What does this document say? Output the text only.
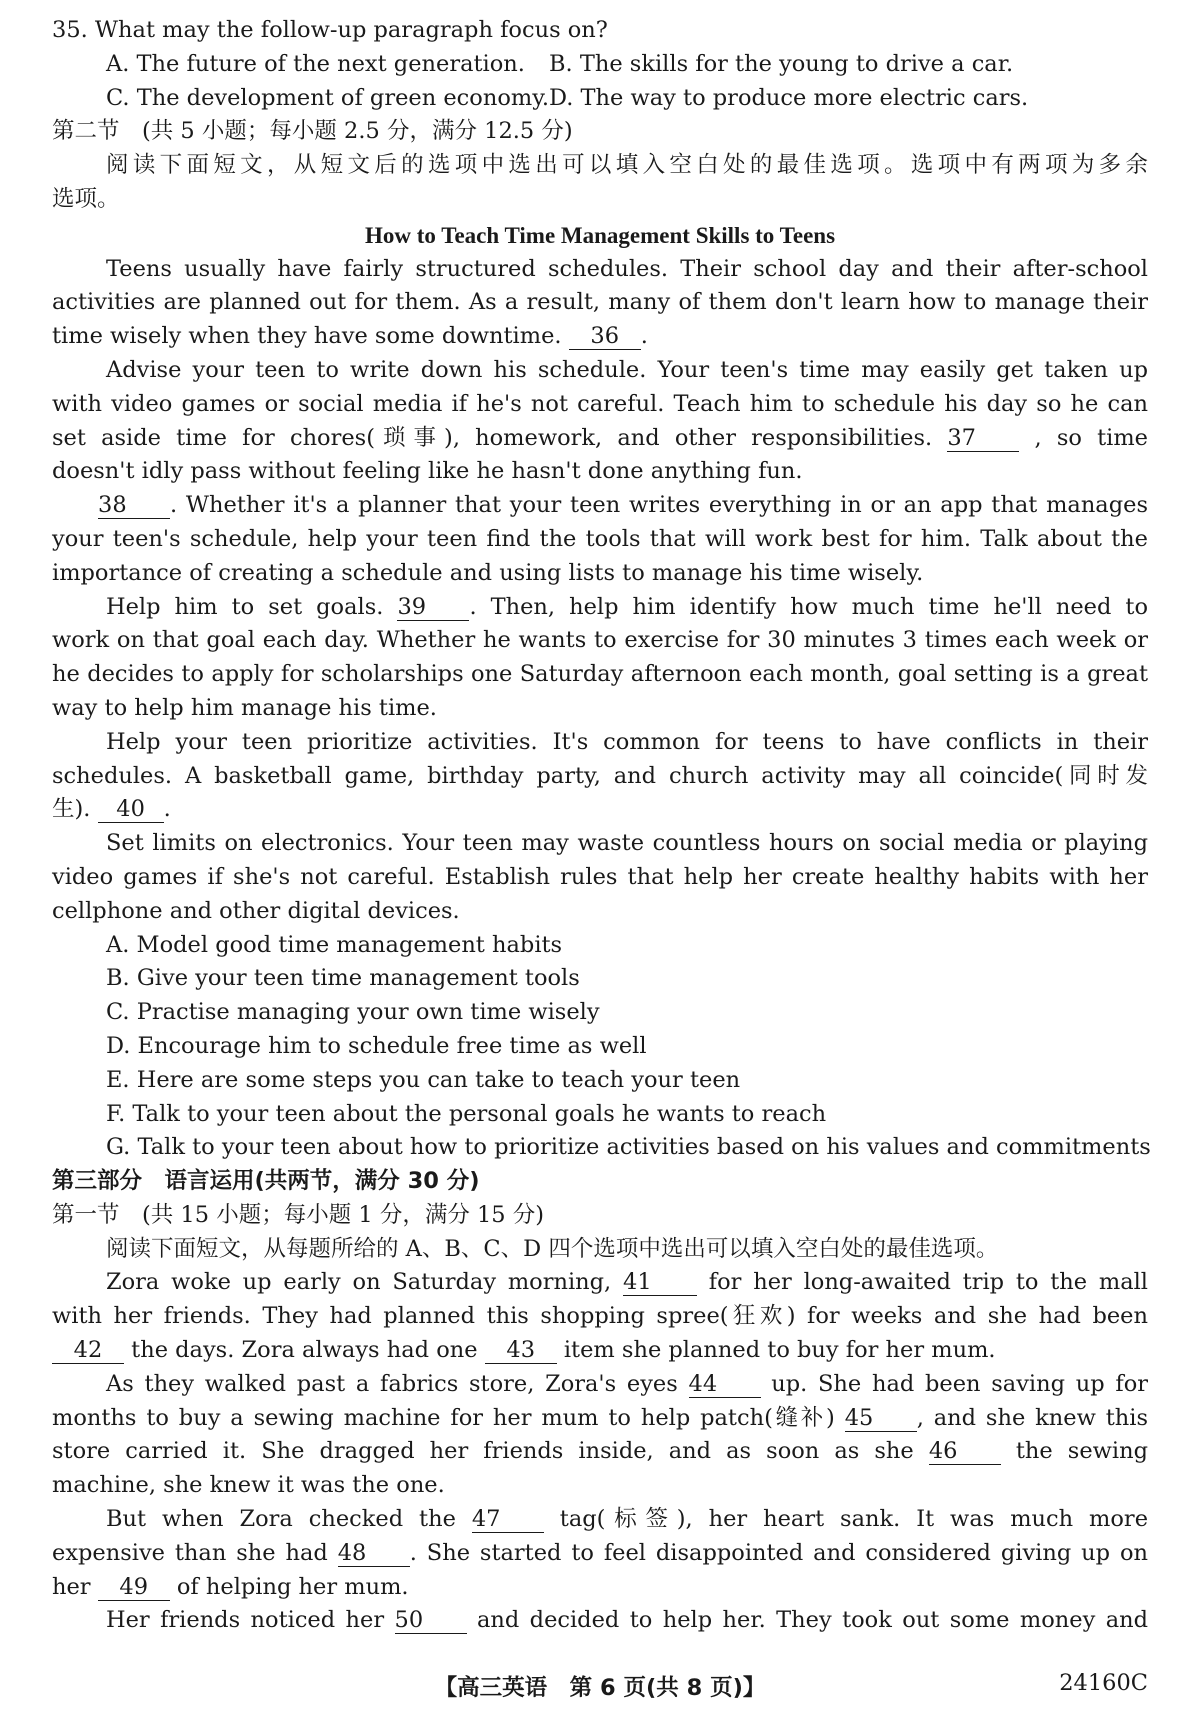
35. What may the follow-up paragraph focus on?
A. The future of the next generation.	B. The skills for the young to drive a car.
C. The development of green economy. D. The way to produce more electric cars.
第二节　(共 5 小题；每小题 2.5 分，满分 12.5 分)
阅读下面短文，从短文后的选项中选出可以填入空白处的最佳选项。选项中有两项为多余
选项。
How to Teach Time Management Skills to Teens
Teens usually have fairly structured schedules. Their school day and their after-school
activities are planned out for them. As a result, many of them don't learn how to manage their
time wisely when they have some downtime. 36 .
Advise your teen to write down his schedule. Your teen's time may easily get taken up
with video games or social media if he's not careful. Teach him to schedule his day so he can
set aside time for chores(琐事), homework, and other responsibilities. 37	, so time
doesn't idly pass without feeling like he hasn't done anything fun.
38 . Whether it's a planner that your teen writes everything in or an app that manages
your teen's schedule, help your teen find the tools that will work best for him. Talk about the
importance of creating a schedule and using lists to manage his time wisely.
Help him to set goals. 39 . Then, help him identify how much time he'll need to
work on that goal each day. Whether he wants to exercise for 30 minutes 3 times each week or
he decides to apply for scholarships one Saturday afternoon each month, goal setting is a great
way to help him manage his time.
Help your teen prioritize activities. It's common for teens to have conflicts in their
schedules. A basketball game, birthday party, and church activity may all coincide(同时发
生). 40 .
Set limits on electronics. Your teen may waste countless hours on social media or playing
video games if she's not careful. Establish rules that help her create healthy habits with her
cellphone and other digital devices.
A. Model good time management habits
B. Give your teen time management tools
C. Practise managing your own time wisely
D. Encourage him to schedule free time as well
E. Here are some steps you can take to teach your teen
F. Talk to your teen about the personal goals he wants to reach
G. Talk to your teen about how to prioritize activities based on his values and commitments
第三部分　语言运用(共两节，满分 30 分)
第一节　(共 15 小题；每小题 1 分，满分 15 分)
阅读下面短文，从每题所给的 A、B、C、D 四个选项中选出可以填入空白处的最佳选项。
Zora woke up early on Saturday morning, 41	for her long-awaited trip to the mall
with her friends. They had planned this shopping spree(狂欢) for weeks and she had been
42 the days. Zora always had one 43 item she planned to buy for her mum.
As they walked past a fabrics store, Zora's eyes 44 up. She had been saving up for
months to buy a sewing machine for her mum to help patch(缝补) 45 , and she knew this
store carried it. She dragged her friends inside, and as soon as she 46	the sewing
machine, she knew it was the one.
But when Zora checked the 47	tag(标签), her heart sank. It was much more
expensive than she had 48 . She started to feel disappointed and considered giving up on
her 49 of helping her mum.
Her friends noticed her 50 and decided to help her. They took out some money and
【高三英语　第 6 页(共 8 页)】	24160C
